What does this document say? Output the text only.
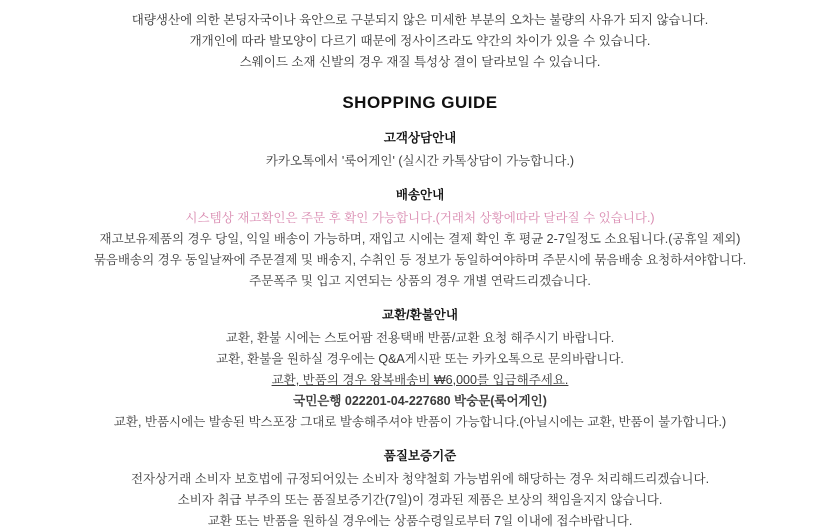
대량생산에 의한 본딩자국이나 육안으로 구분되지 않은 미세한 부분의 오차는 불량의 사유가 되지 않습니다.
개개인에 따라 발모양이 다르기 때문에 정사이즈라도 약간의 차이가 있을 수 있습니다.
스웨이드 소재 신발의 경우 재질 특성상 결이 달라보일 수 있습니다.
SHOPPING GUIDE
고객상담안내
카카오톡에서 '룩어게인' (실시간 카톡상담이 가능합니다.)
배송안내
시스템상 재고확인은 주문 후 확인 가능합니다.(거래처 상황에따라 달라질 수 있습니다.)
재고보유제품의 경우 당일, 익일 배송이 가능하며, 재입고 시에는 결제 확인 후 평균 2-7일정도 소요됩니다.(공휴일 제외)
묶음배송의 경우 동일날짜에 주문결제 및 배송지, 수취인 등 정보가 동일하여야하며 주문시에 묶음배송 요청하셔야합니다.
주문폭주 및 입고 지연되는 상품의 경우 개별 연락드리겠습니다.
교환/환불안내
교환, 환불 시에는 스토어팜 전용택배 반품/교환 요청 해주시기 바랍니다.
교환, 환불을 원하실 경우에는 Q&A게시판 또는 카카오톡으로 문의바랍니다.
교환, 반품의 경우 왕복배송비 ₩6,000를 입금해주세요.
국민은행 022201-04-227680 박숭문(룩어게인)
교환, 반품시에는 발송된 박스포장 그대로 발송해주셔야 반품이 가능합니다.(아닐시에는 교환, 반품이 불가합니다.)
품질보증기준
전자상거래 소비자 보호법에 규정되어있는 소비자 청약철회 가능범위에 해당하는 경우 처리해드리겠습니다.
소비자 취급 부주의 또는 품질보증기간(7일)이 경과된 제품은 보상의 책임을지지 않습니다.
교환 또는 반품을 원하실 경우에는 상품수령일로부터 7일 이내에 접수바랍니다.
